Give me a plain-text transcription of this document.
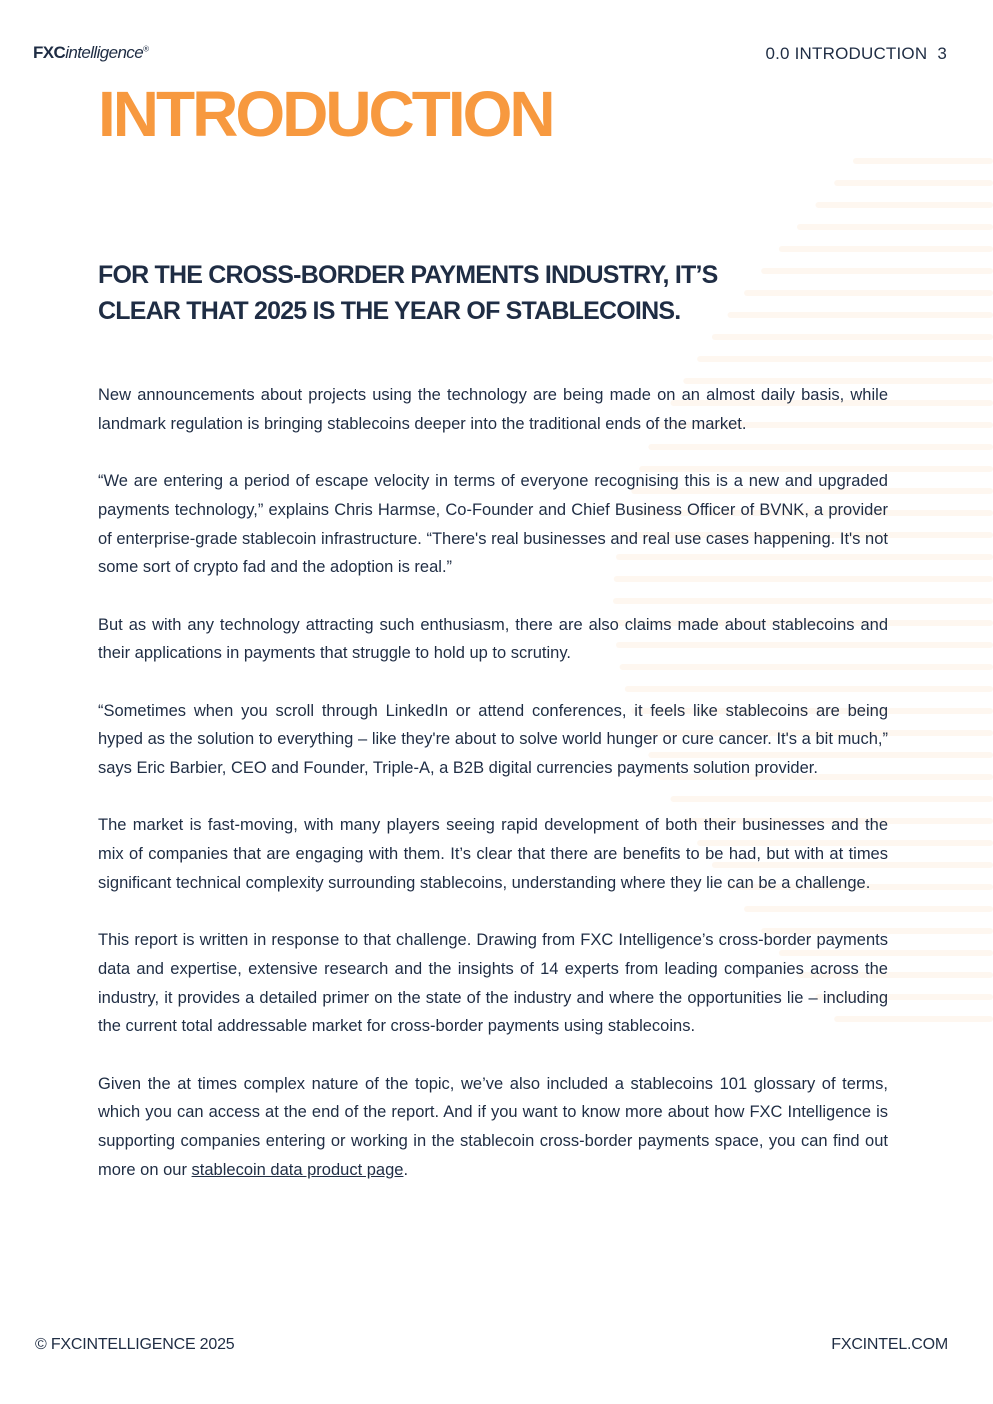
FXCintelligence®	0.0 INTRODUCTION 3
INTRODUCTION
FOR THE CROSS-BORDER PAYMENTS INDUSTRY, IT’S
CLEAR THAT 2025 IS THE YEAR OF STABLECOINS.

New announcements about projects using the technology are being made on an almost daily basis, while landmark regulation is bringing stablecoins deeper into the traditional ends of the market.

“We are entering a period of escape velocity in terms of everyone recognising this is a new and upgraded payments technology,” explains Chris Harmse, Co-Founder and Chief Business Officer of BVNK, a provider of enterprise-grade stablecoin infrastructure. “There's real businesses and real use cases happening. It's not some sort of crypto fad and the adoption is real.”

But as with any technology attracting such enthusiasm, there are also claims made about stablecoins and their applications in payments that struggle to hold up to scrutiny.

“Sometimes when you scroll through LinkedIn or attend conferences, it feels like stablecoins are being hyped as the solution to everything – like they're about to solve world hunger or cure cancer. It's a bit much,” says Eric Barbier, CEO and Founder, Triple-A, a B2B digital currencies payments solution provider.

The market is fast-moving, with many players seeing rapid development of both their businesses and the mix of companies that are engaging with them. It’s clear that there are benefits to be had, but with at times significant technical complexity surrounding stablecoins, understanding where they lie can be a challenge.

This report is written in response to that challenge. Drawing from FXC Intelligence’s cross-border payments data and expertise, extensive research and the insights of 14 experts from leading companies across the industry, it provides a detailed primer on the state of the industry and where the opportunities lie – including the current total addressable market for cross-border payments using stablecoins.

Given the at times complex nature of the topic, we’ve also included a stablecoins 101 glossary of terms, which you can access at the end of the report. And if you want to know more about how FXC Intelligence is supporting companies entering or working in the stablecoin cross-border payments space, you can find out more on our stablecoin data product page.

© FXCINTELLIGENCE 2025	FXCINTEL.COM
